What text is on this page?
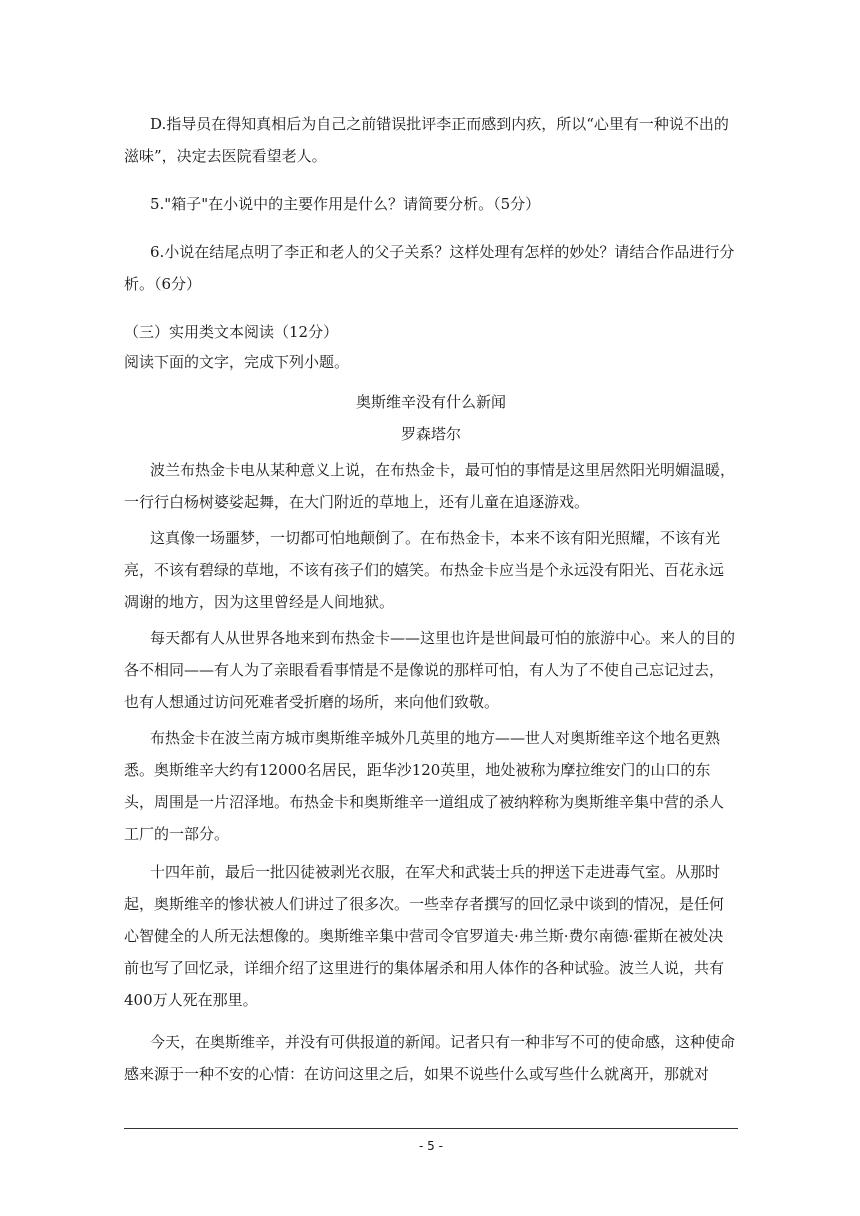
D.指导员在得知真相后为自己之前错误批评李正而感到内疚，所以“心里有一种说不出的滋味”，决定去医院看望老人。
5."箱子"在小说中的主要作用是什么？请简要分析。（5分）
6.小说在结尾点明了李正和老人的父子关系？这样处理有怎样的妙处？请结合作品进行分析。（6分）
（三）实用类文本阅读（12分）
阅读下面的文字，完成下列小题。
奥斯维辛没有什么新闻
罗森塔尔
波兰布热金卡电从某种意义上说，在布热金卡，最可怕的事情是这里居然阳光明媚温暖，一行行白杨树婆娑起舞，在大门附近的草地上，还有儿童在追逐游戏。
这真像一场噩梦，一切都可怕地颠倒了。在布热金卡，本来不该有阳光照耀，不该有光亮，不该有碧绿的草地，不该有孩子们的嬉笑。布热金卡应当是个永远没有阳光、百花永远凋谢的地方，因为这里曾经是人间地狱。
每天都有人从世界各地来到布热金卡——这里也许是世间最可怕的旅游中心。来人的目的各不相同——有人为了亲眼看看事情是不是像说的那样可怕，有人为了不使自己忘记过去，也有人想通过访问死难者受折磨的场所，来向他们致敬。
布热金卡在波兰南方城市奥斯维辛城外几英里的地方——世人对奥斯维辛这个地名更熟悉。奥斯维辛大约有12000名居民，距华沙120英里，地处被称为摩拉维安门的山口的东头，周围是一片沼泽地。布热金卡和奥斯维辛一道组成了被纳粹称为奥斯维辛集中营的杀人工厂的一部分。
十四年前，最后一批囚徒被剥光衣服，在军犬和武装士兵的押送下走进毒气室。从那时起，奥斯维辛的惨状被人们讲过了很多次。一些幸存者撰写的回忆录中谈到的情况，是任何心智健全的人所无法想像的。奥斯维辛集中营司令官罗道夫·弗兰斯·费尔南德·霍斯在被处决前也写了回忆录，详细介绍了这里进行的集体屠杀和用人体作的各种试验。波兰人说，共有400万人死在那里。
今天，在奥斯维辛，并没有可供报道的新闻。记者只有一种非写不可的使命感，这种使命感来源于一种不安的心情：在访问这里之后，如果不说些什么或写些什么就离开，那就对
- 5 -
